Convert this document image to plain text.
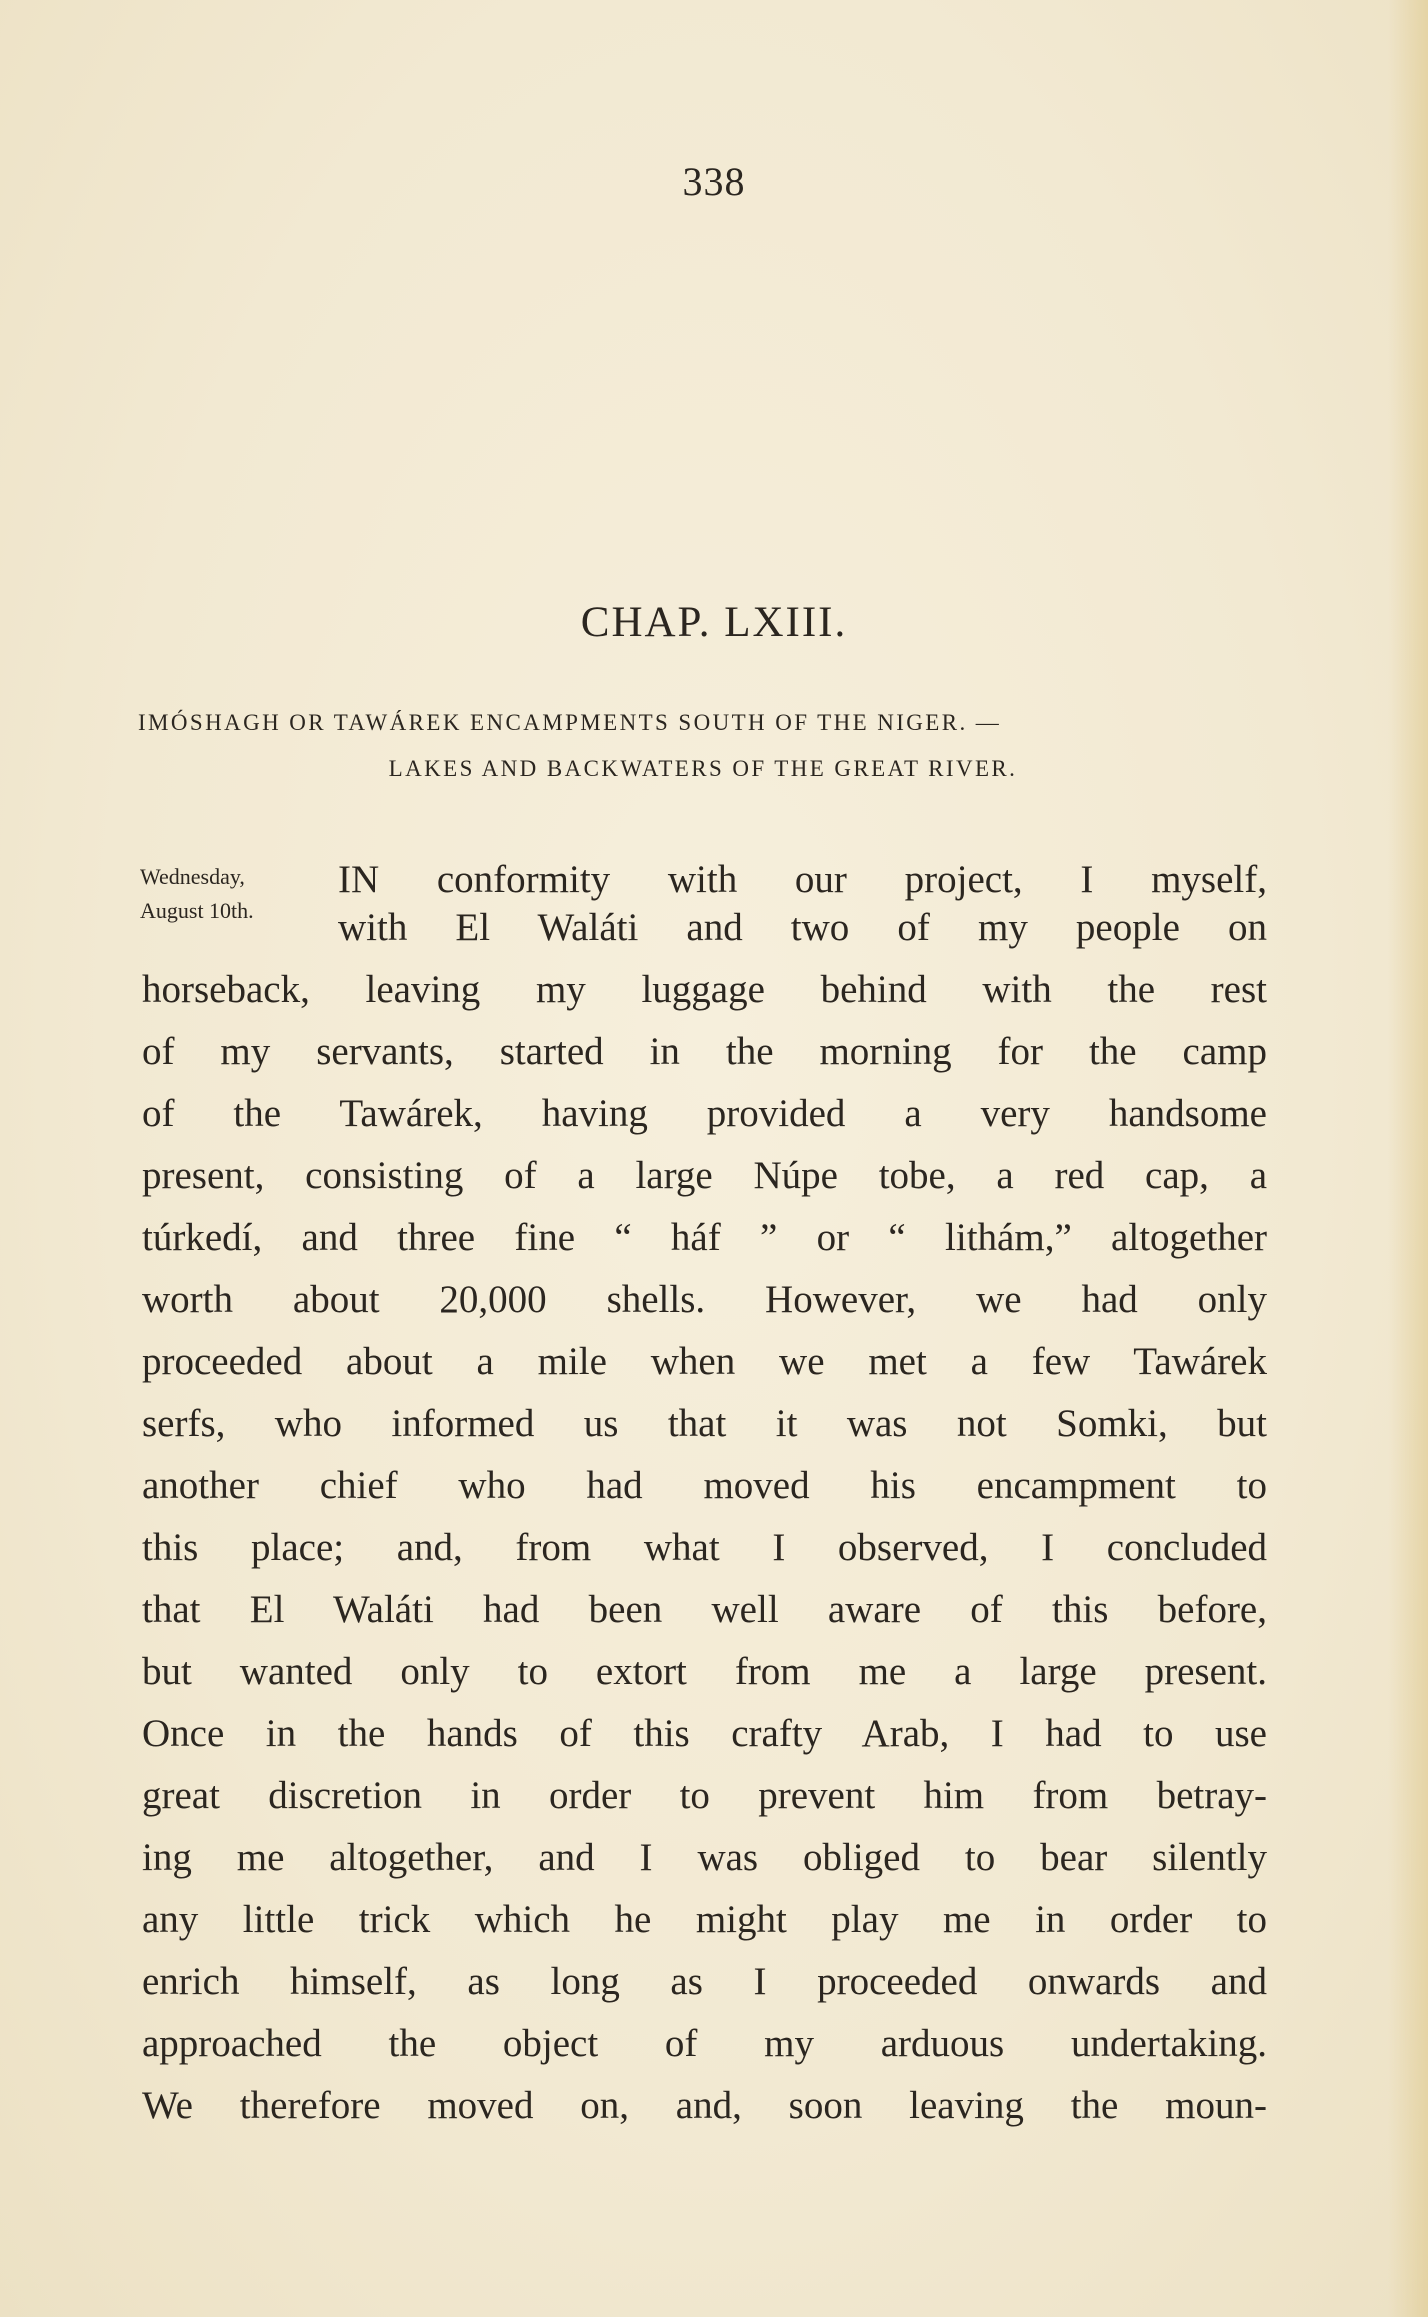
338
CHAP. LXIII.
IMÓSHAGH OR TAWÁREK ENCAMPMENTS SOUTH OF THE NIGER. —
LAKES AND BACKWATERS OF THE GREAT RIVER.
Wednesday,
August 10th.
IN conformity with our project, I myself,
with El Waláti and two of my people on
horseback, leaving my luggage behind with the rest
of my servants, started in the morning for the camp
of the Tawárek, having provided a very handsome
present, consisting of a large Núpe tobe, a red cap, a
túrkedí, and three fine “ háf ” or “ lithám,” altogether
worth about 20,000 shells. However, we had only
proceeded about a mile when we met a few Tawárek
serfs, who informed us that it was not Somki, but
another chief who had moved his encampment to
this place; and, from what I observed, I concluded
that El Waláti had been well aware of this before,
but wanted only to extort from me a large present.
Once in the hands of this crafty Arab, I had to use
great discretion in order to prevent him from betray-
ing me altogether, and I was obliged to bear silently
any little trick which he might play me in order to
enrich himself, as long as I proceeded onwards and
approached the object of my arduous undertaking.
We therefore moved on, and, soon leaving the moun-
